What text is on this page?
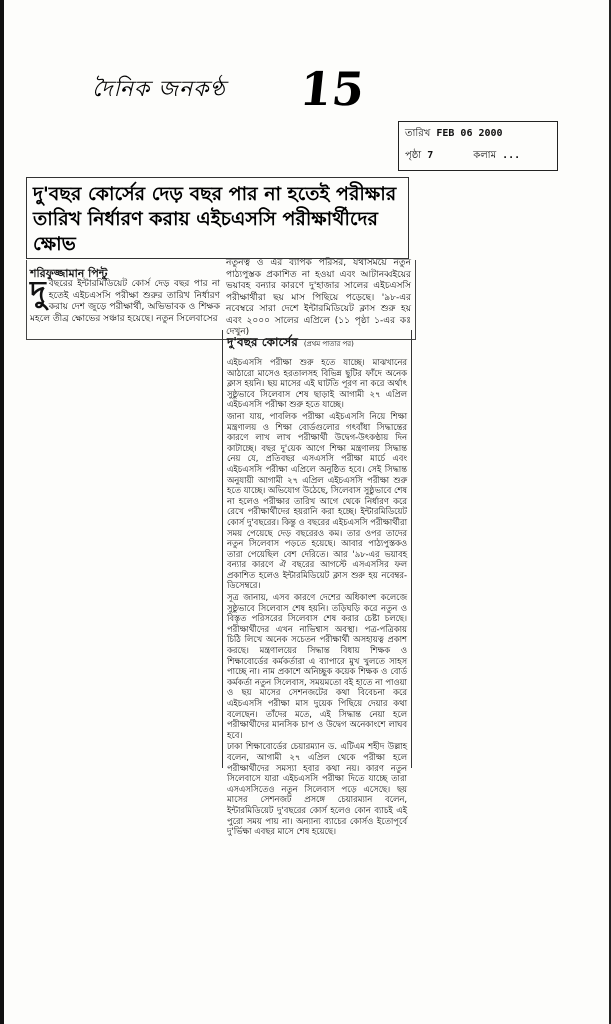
দৈনিক জনকণ্ঠ 15
তারিখ FEB 06 2000
পৃষ্ঠা 7	কলাম ...
দু'বছর কোর্সের দেড় বছর পার না হতেই পরীক্ষার তারিখ নির্ধারণ করায় এইচএসসি পরীক্ষার্থীদের ক্ষোভ
শরিফুজ্জামান পিন্টু
দু বছরের ইন্টারমিডিয়েট কোর্স দেড় বছর পার না হতেই এইচএসসি পরীক্ষা শুরুর তারিখ নির্ধারণ করায় দেশ জুড়ে পরীক্ষার্থী, অভিভাবক ও শিক্ষক মহলে তীব্র ক্ষোভের সঞ্চার হয়েছে। নতুন সিলেবাসের
নতুনত্ব ও এর ব্যাপক পরিসর, যথাসময়ে নতুন পাঠ্যপুস্তক প্রকাশিত না হওয়া এবং আটানব্বইয়ের ভয়াবহ বন্যার কারণে দু'হাজার সালের এইচএসসি পরীক্ষার্থীরা ছয় মাস পিছিয়ে পড়েছে। '৯৮-এর নবেম্বরে সারা দেশে ইন্টারমিডিয়েট ক্লাস শুরু হয় এবং ২০০০ সালের এপ্রিলে (১১ পৃষ্ঠা ১-এর কঃ দেখুন)
দু'বছর কোর্সের (প্রথম পাতার পর)

এইচএসসি পরীক্ষা শুরু হতে যাচ্ছে। মাঝখানের আঠারো মাসেও হরতালসহ বিভিন্ন ছুটির ফাঁদে অনেক ক্লাস হয়নি। ছয় মাসের এই ঘাটতি পূরণ না করে অর্থাৎ সুষ্ঠুভাবে সিলেবাস শেষ ছাড়াই আগামী ২৭ এপ্রিল এইচএসসি পরীক্ষা শুরু হতে যাচ্ছে।

জানা যায়, পাবলিক পরীক্ষা এইচএসসি নিয়ে শিক্ষা মন্ত্রণালয় ও শিক্ষা বোর্ডগুলোর গৎবাঁধা সিদ্ধান্তের কারণে লাখ লাখ পরীক্ষার্থী উদ্বেগ-উৎকণ্ঠায় দিন কাটাচ্ছে। বছর দু'য়েক আগে শিক্ষা মন্ত্রণালয় সিদ্ধান্ত নেয় যে, প্রতিবছর এসএসসি পরীক্ষা মার্চে এবং এইচএসসি পরীক্ষা এপ্রিলে অনুষ্ঠিত হবে। সেই সিদ্ধান্ত অনুযায়ী আগামী ২৭ এপ্রিল এইচএসসি পরীক্ষা শুরু হতে যাচ্ছে। অভিযোগ উঠেছে, সিলেবাস সুষ্ঠুভাবে শেষ না হলেও পরীক্ষার তারিখ আগে থেকে নির্ধারণ করে রেখে পরীক্ষার্থীদের হয়রানি করা হচ্ছে। ইন্টারমিডিয়েট কোর্স দু'বছরের। কিন্তু ও বছরের এইচএসসি পরীক্ষার্থীরা সময় পেয়েছে দেড় বছরেরও কম। তার ওপর তাদের নতুন সিলেবাস পড়তে হয়েছে। আবার পাঠ্যপুস্তকও তারা পেয়েছিল বেশ দেরিতে। আর '৯৮-এর ভয়াবহ বন্যার কারণে ঐ বছরের আগস্টে এসএসসির ফল প্রকাশিত হলেও ইন্টারমিডিয়েট ক্লাস শুরু হয় নবেম্বর-ডিসেম্বরে।

সূত্র জানায়, এসব কারণে দেশের অধিকাংশ কলেজে সুষ্ঠুভাবে সিলেবাস শেষ হয়নি। তড়িঘড়ি করে নতুন ও বিস্তৃত পরিসরের সিলেবাস শেষ করার চেষ্টা চলছে। পরীক্ষার্থীদের এখন নাভিশ্বাস অবস্থা। পত্র-পত্রিকায় চিঠি লিখে অনেক সচেতন পরীক্ষার্থী অসহায়ত্ব প্রকাশ করছে। মন্ত্রণালয়ের সিদ্ধান্ত বিধায় শিক্ষক ও শিক্ষাবোর্ডের কর্মকর্তারা এ ব্যাপারে মুখ খুলতে সাহস পাচ্ছে না। নাম প্রকাশে অনিচ্ছুক কয়েক শিক্ষক ও বোর্ড কর্মকর্তা নতুন সিলেবাস, সময়মতো বই হাতে না পাওয়া ও ছয় মাসের সেশনজটের কথা বিবেচনা করে এইচএসসি পরীক্ষা মাস দুয়েক পিছিয়ে দেয়ার কথা বলেছেন। তাঁদের মতে, এই সিদ্ধান্ত নেয়া হলে পরীক্ষার্থীদের মানসিক চাপ ও উদ্বেগ অনেকাংশে লাঘব হবে।

ঢাকা শিক্ষাবোর্ডের চেয়ারম্যান ড. এটিএম শহীদ উল্লাহ বলেন, আগামী ২৭ এপ্রিল থেকে পরীক্ষা হলে পরীক্ষার্থীদের সমস্যা হবার কথা নয়। কারণ নতুন সিলেবাসে যারা এইচএসসি পরীক্ষা দিতে যাচ্ছে তারা এসএসসিতেও নতুন সিলেবাস পড়ে এসেছে। ছয় মাসের সেশনজট প্রসঙ্গে চেয়ারম্যান বলেন, ইন্টারমিডিয়েট দু'বছরের কোর্স হলেও কোন ব্যাচই এই পুরো সময় পায় না। অন্যান্য ব্যাচের কোর্সও ইতোপূর্বে দু'র্ভিক্ষা এবছর মাসে শেষ হয়েছে।
